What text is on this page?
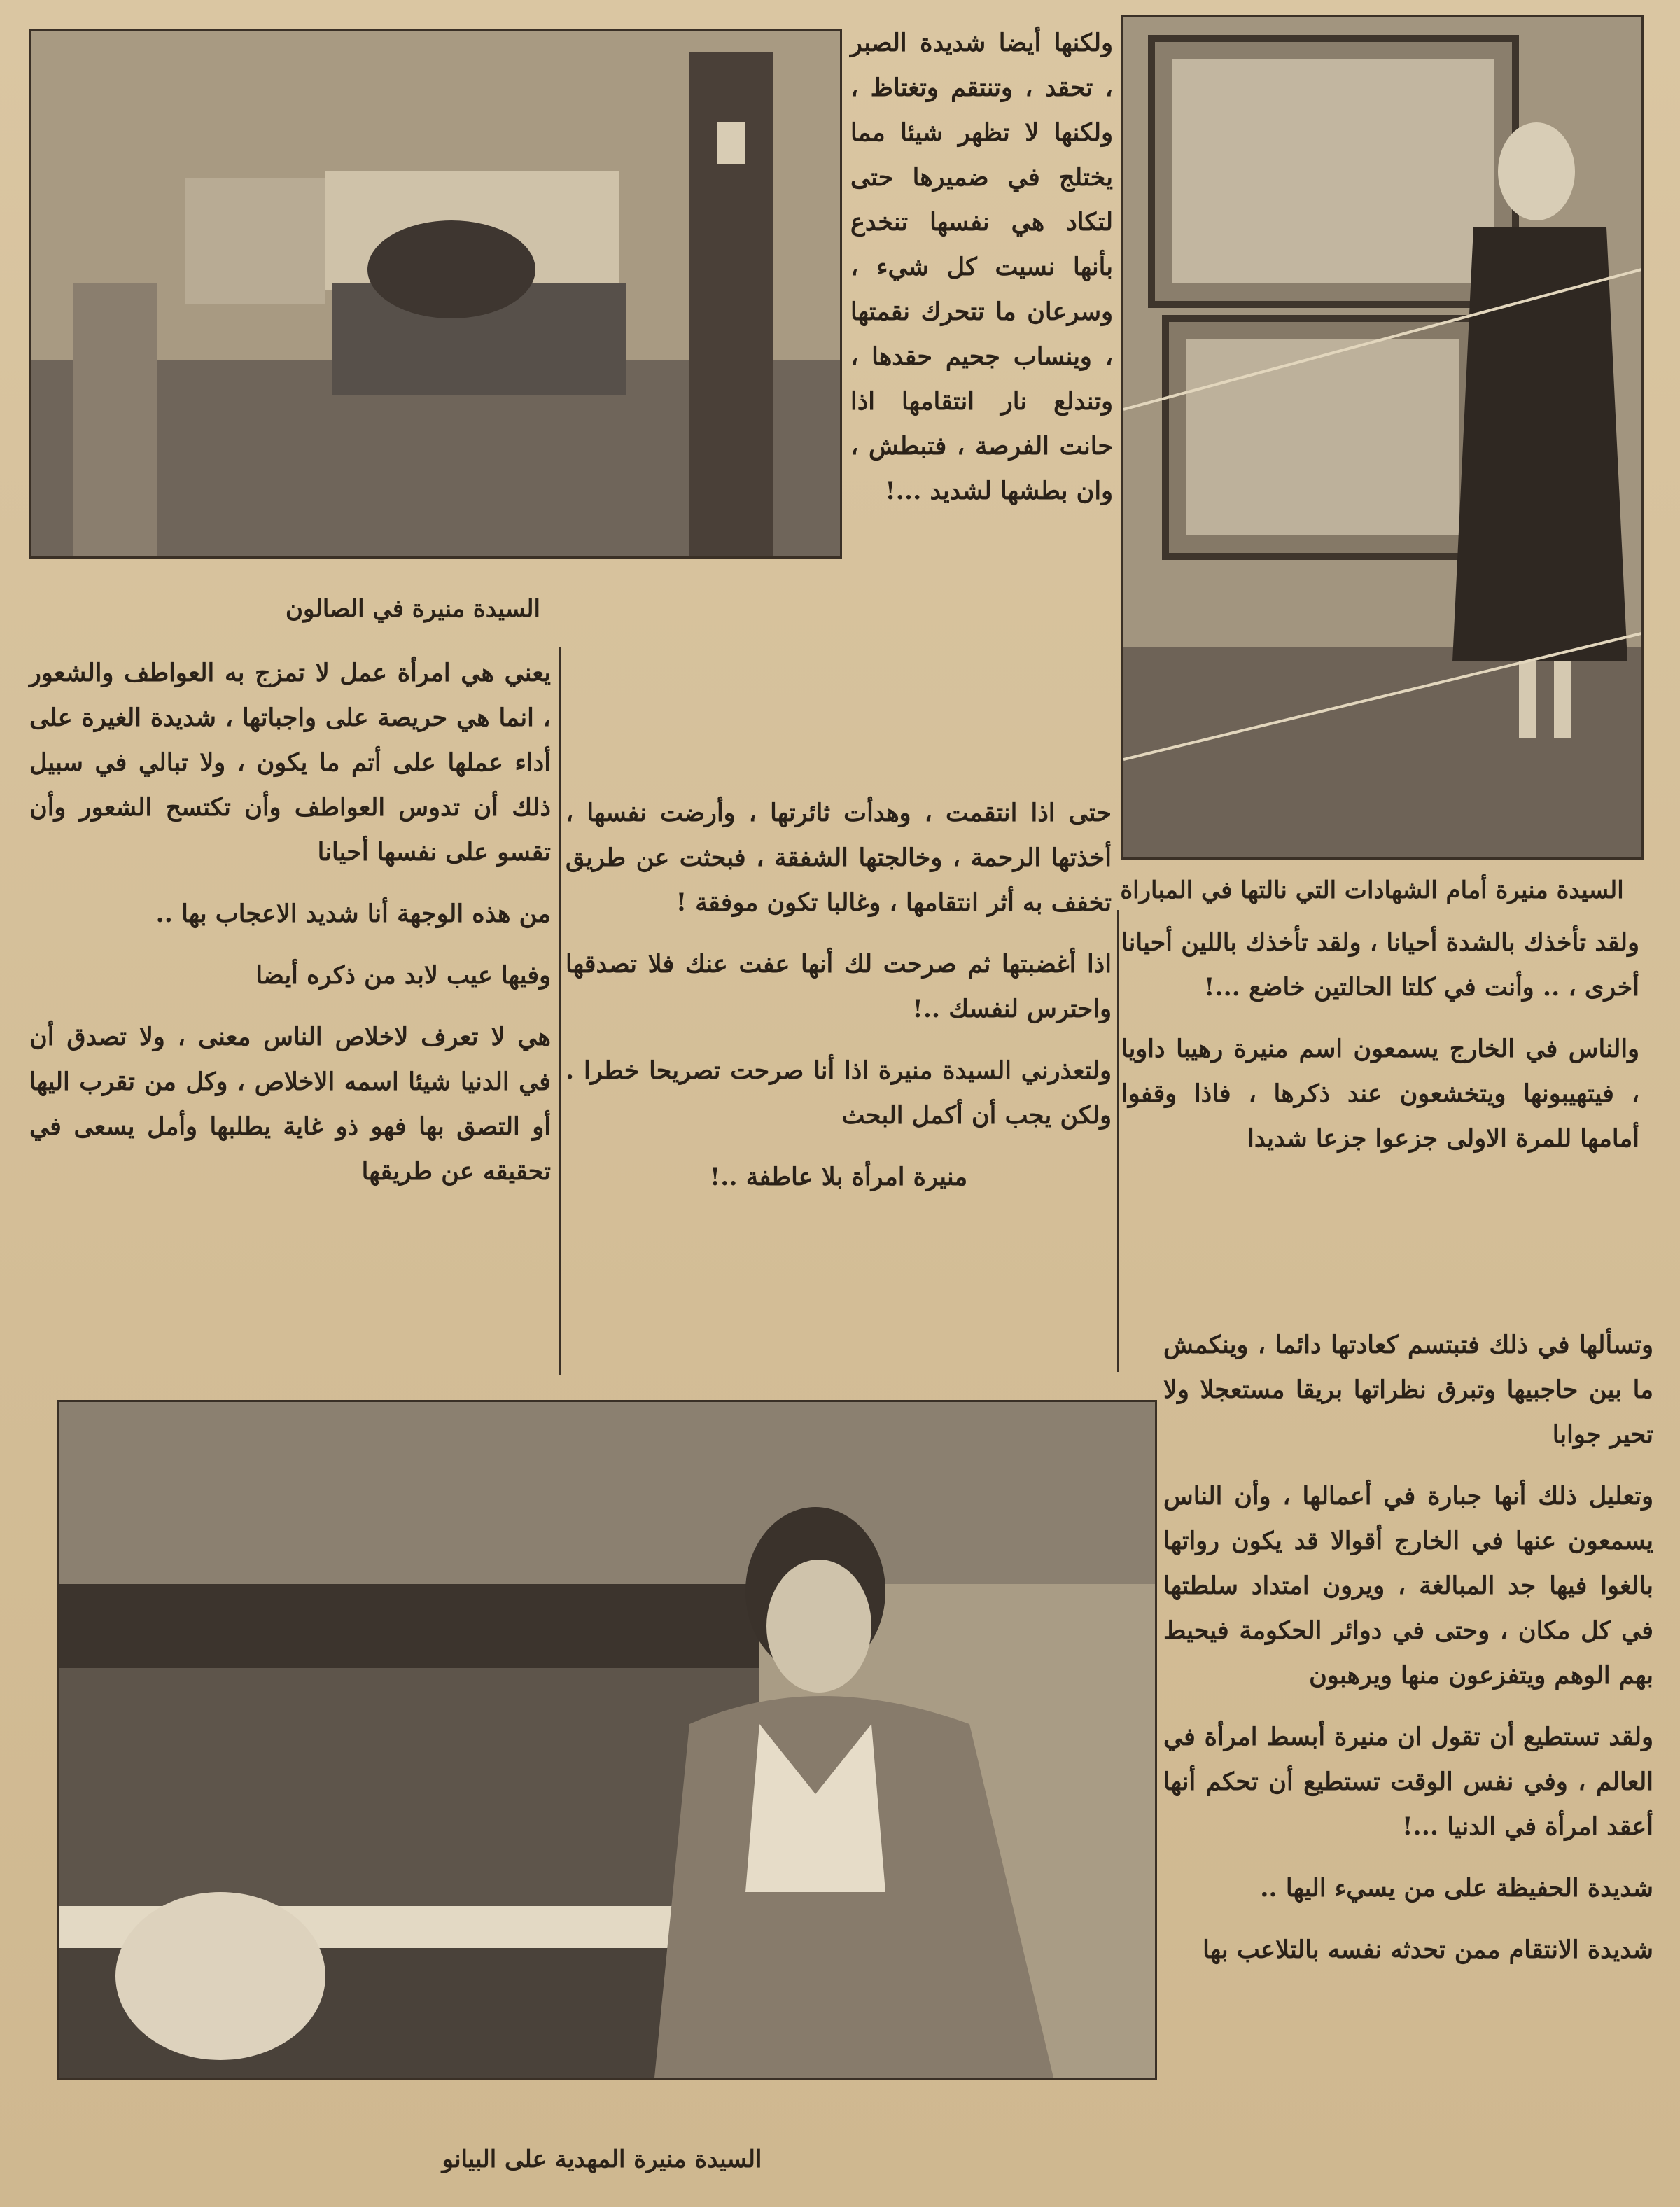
السيدة منيرة في الصالون
السيدة منيرة أمام الشهادات التي نالتها في المباراة
السيدة منيرة المهدية على البيانو

ولكنها أيضا شديدة الصبر ، تحقد ، وتنتقم وتغتاظ ، ولكنها لا تظهر شيئا مما يختلج في ضميرها حتى لتكاد هي نفسها تنخدع بأنها نسيت كل شيء ، وسرعان ما تتحرك نقمتها ، وينساب جحيم حقدها ، وتندلع نار انتقامها اذا حانت الفرصة ، فتبطش ، وان بطشها لشديد ...!

حتى اذا انتقمت ، وهدأت ثائرتها ، وأرضت نفسها ، أخذتها الرحمة ، وخالجتها الشفقة ، فبحثت عن طريق تخفف به أثر انتقامها ، وغالبا تكون موفقة !

اذا أغضبتها ثم صرحت لك أنها عفت عنك فلا تصدقها واحترس لنفسك ..!

ولتعذرني السيدة منيرة اذا أنا صرحت تصريحا خطرا . ولكن يجب أن أكمل البحث

منيرة امرأة بلا عاطفة ..!

يعني هي امرأة عمل لا تمزج به العواطف والشعور ، انما هي حريصة على واجباتها ، شديدة الغيرة على أداء عملها على أتم ما يكون ، ولا تبالي في سبيل ذلك أن تدوس العواطف وأن تكتسح الشعور وأن تقسو على نفسها أحيانا

من هذه الوجهة أنا شديد الاعجاب بها ..

وفيها عيب لابد من ذكره أيضا

هي لا تعرف لاخلاص الناس معنى ، ولا تصدق أن في الدنيا شيئا اسمه الاخلاص ، وكل من تقرب اليها أو التصق بها فهو ذو غاية يطلبها وأمل يسعى في تحقيقه عن طريقها

ولقد تأخذك بالشدة أحيانا ، ولقد تأخذك باللين أحيانا أخرى ، .. وأنت في كلتا الحالتين خاضع ...!

والناس في الخارج يسمعون اسم منيرة رهيبا داويا ، فيتهيبونها ويتخشعون عند ذكرها ، فاذا وقفوا أمامها للمرة الاولى جزعوا جزعا شديدا

وتسألها في ذلك فتبتسم كعادتها دائما ، وينكمش ما بين حاجبيها وتبرق نظراتها بريقا مستعجلا ولا تحير جوابا

وتعليل ذلك أنها جبارة في أعمالها ، وأن الناس يسمعون عنها في الخارج أقوالا قد يكون رواتها بالغوا فيها جد المبالغة ، ويرون امتداد سلطتها في كل مكان ، وحتى في دوائر الحكومة فيحيط بهم الوهم ويتفزعون منها ويرهبون

ولقد تستطيع أن تقول ان منيرة أبسط امرأة في العالم ، وفي نفس الوقت تستطيع أن تحكم أنها أعقد امرأة في الدنيا ...!

شديدة الحفيظة على من يسيء اليها ..

شديدة الانتقام ممن تحدثه نفسه بالتلاعب بها
